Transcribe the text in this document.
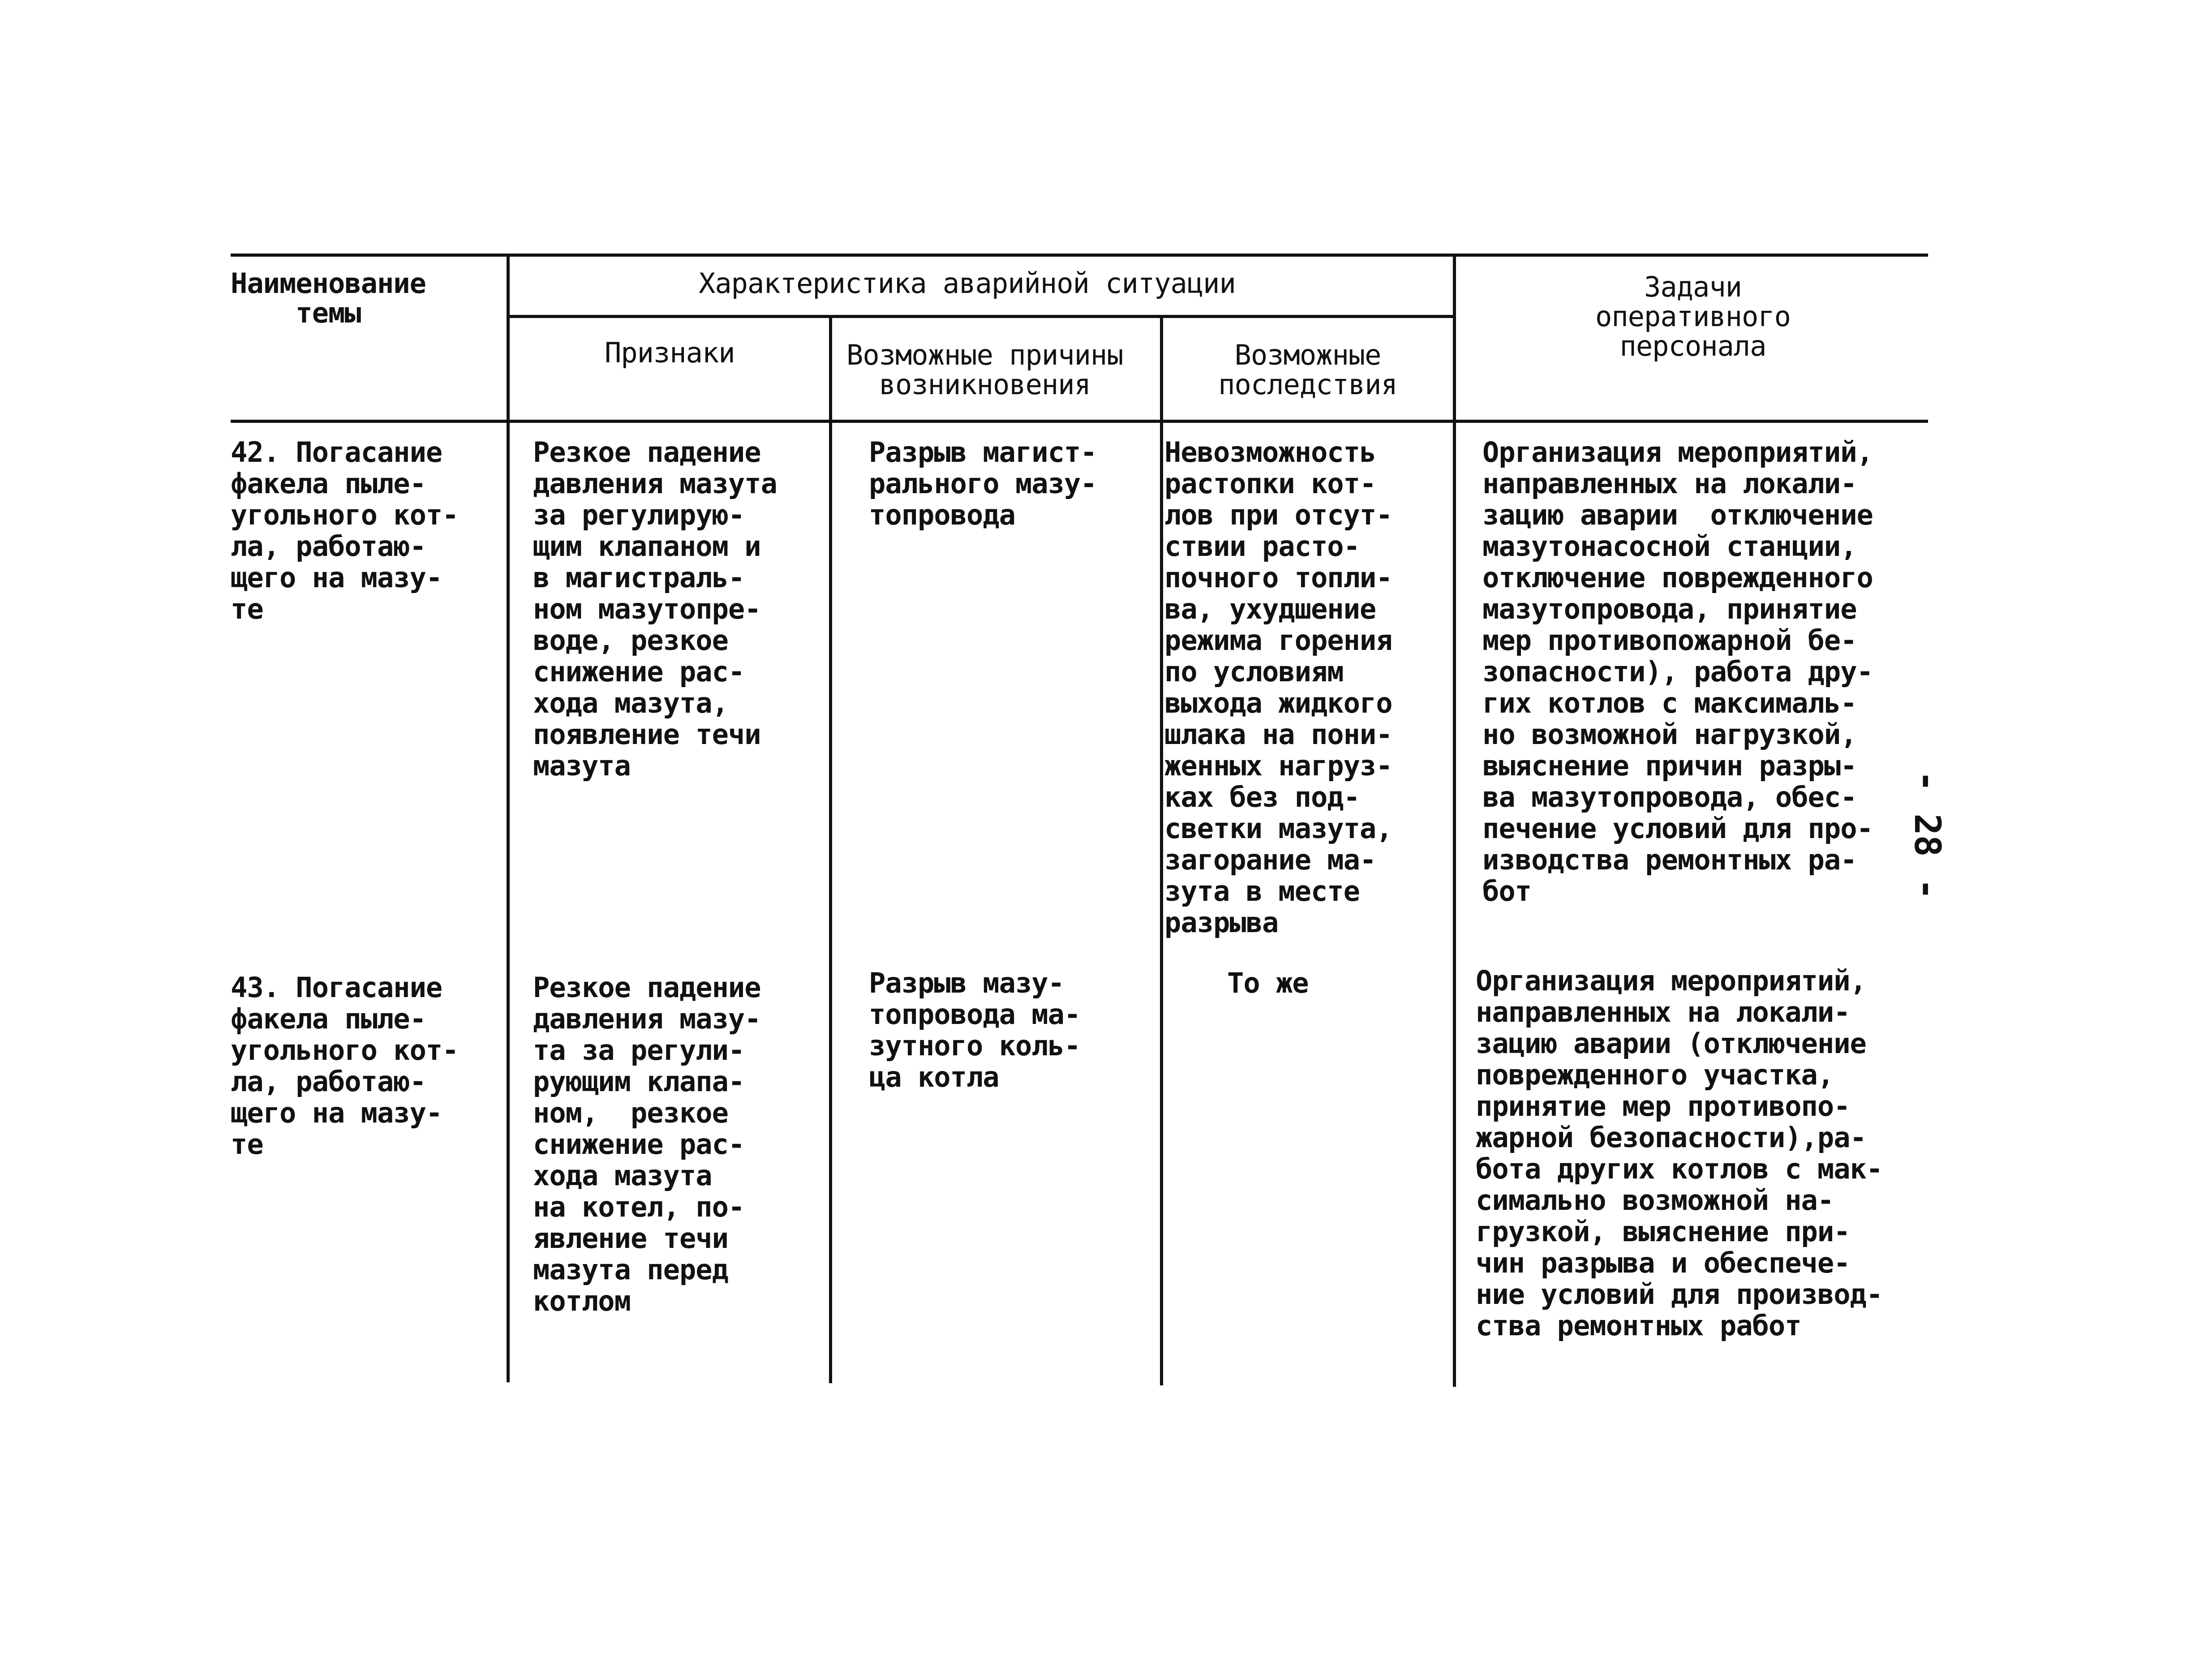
Наименование
темы
Характеристика аварийной ситуации
Признаки	Возможные причины
возникновения
Возможные
последствия
Задачи
оперативного
персонала
42. Погасание
факела пыле-
угольного кот-
ла, работаю-
щего на мазу-
те
Резкое падение
давления мазута
за регулирую-
щим клапаном и
в магистраль-
ном мазутопре-
воде, резкое
снижение рас-
хода мазута,
появление течи
мазута
Разрыв магист-
рального мазу-
топровода
Невозможность
растопки кот-
лов при отсут-
ствии расто-
почного топли-
ва, ухудшение
режима горения
по условиям
выхода жидкого
шлака на пони-
женных нагруз-
ках без под-
светки мазута,
загорание ма-
зута в месте
разрыва
Организация мероприятий,
направленных на локали-
зацию аварии  отключение
мазутонасосной станции,
отключение поврежденного
мазутопровода, принятие
мер противопожарной бе-
зопасности), работа дру-
гих котлов с максималь-
но возможной нагрузкой,
выяснение причин разры-
ва мазутопровода, обес-
печение условий для про-
изводства ремонтных ра-
бот
43. Погасание
факела пыле-
угольного кот-
ла, работаю-
щего на мазу-
те
Резкое падение
давления мазу-
та за регули-
рующим клапа-
ном,  резкое
снижение рас-
хода мазута
на котел, по-
явление течи
мазута перед
котлом
Разрыв мазу-
топровода ма-
зутного коль-
ца котла
То же	Организация мероприятий,
направленных на локали-
зацию аварии (отключение
поврежденного участка,
принятие мер противопо-
жарной безопасности),ра-
бота других котлов с мак-
симально возможной на-
грузкой, выяснение при-
чин разрыва и обеспече-
ние условий для производ-
ства ремонтных работ
- 28 -
